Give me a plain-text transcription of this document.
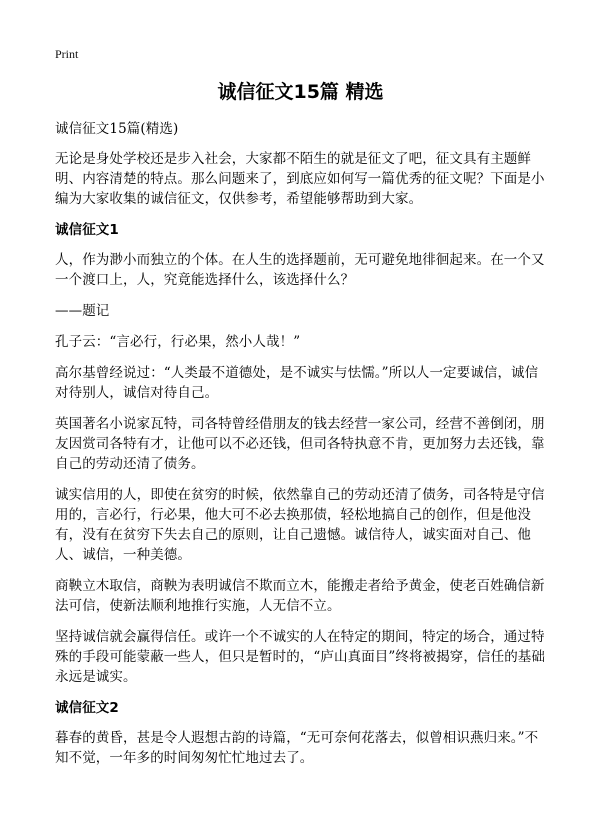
Print
诚信征文15篇 精选

诚信征文15篇(精选)

无论是身处学校还是步入社会，大家都不陌生的就是征文了吧，征文具有主题鲜明、内容清楚的特点。那么问题来了，到底应如何写一篇优秀的征文呢？下面是小编为大家收集的诚信征文，仅供参考，希望能够帮助到大家。

诚信征文1

人，作为渺小而独立的个体。在人生的选择题前，无可避免地徘徊起来。在一个又一个渡口上，人，究竟能选择什么，该选择什么？

——题记

孔子云：“言必行，行必果，然小人哉！”

高尔基曾经说过：“人类最不道德处，是不诚实与怯懦。”所以人一定要诚信，诚信对待别人，诚信对待自己。

英国著名小说家瓦特，司各特曾经借朋友的钱去经营一家公司，经营不善倒闭，朋友因赏司各特有才，让他可以不必还钱，但司各特执意不肯，更加努力去还钱，靠自己的劳动还清了债务。

诚实信用的人，即使在贫穷的时候，依然靠自己的劳动还清了债务，司各特是守信用的，言必行，行必果，他大可不必去换那债，轻松地搞自己的创作，但是他没有，没有在贫穷下失去自己的原则，让自己遗憾。诚信待人，诚实面对自己、他人、诚信，一种美德。

商鞅立木取信，商鞅为表明诚信不欺而立木，能搬走者给予黄金，使老百姓确信新法可信，使新法顺利地推行实施，人无信不立。

坚持诚信就会赢得信任。或许一个不诚实的人在特定的期间，特定的场合，通过特殊的手段可能蒙蔽一些人，但只是暂时的，“庐山真面目”终将被揭穿，信任的基础永远是诚实。

诚信征文2

暮春的黄昏，甚是令人遐想古韵的诗篇，“无可奈何花落去，似曾相识燕归来。”不知不觉，一年多的时间匆匆忙忙地过去了。
